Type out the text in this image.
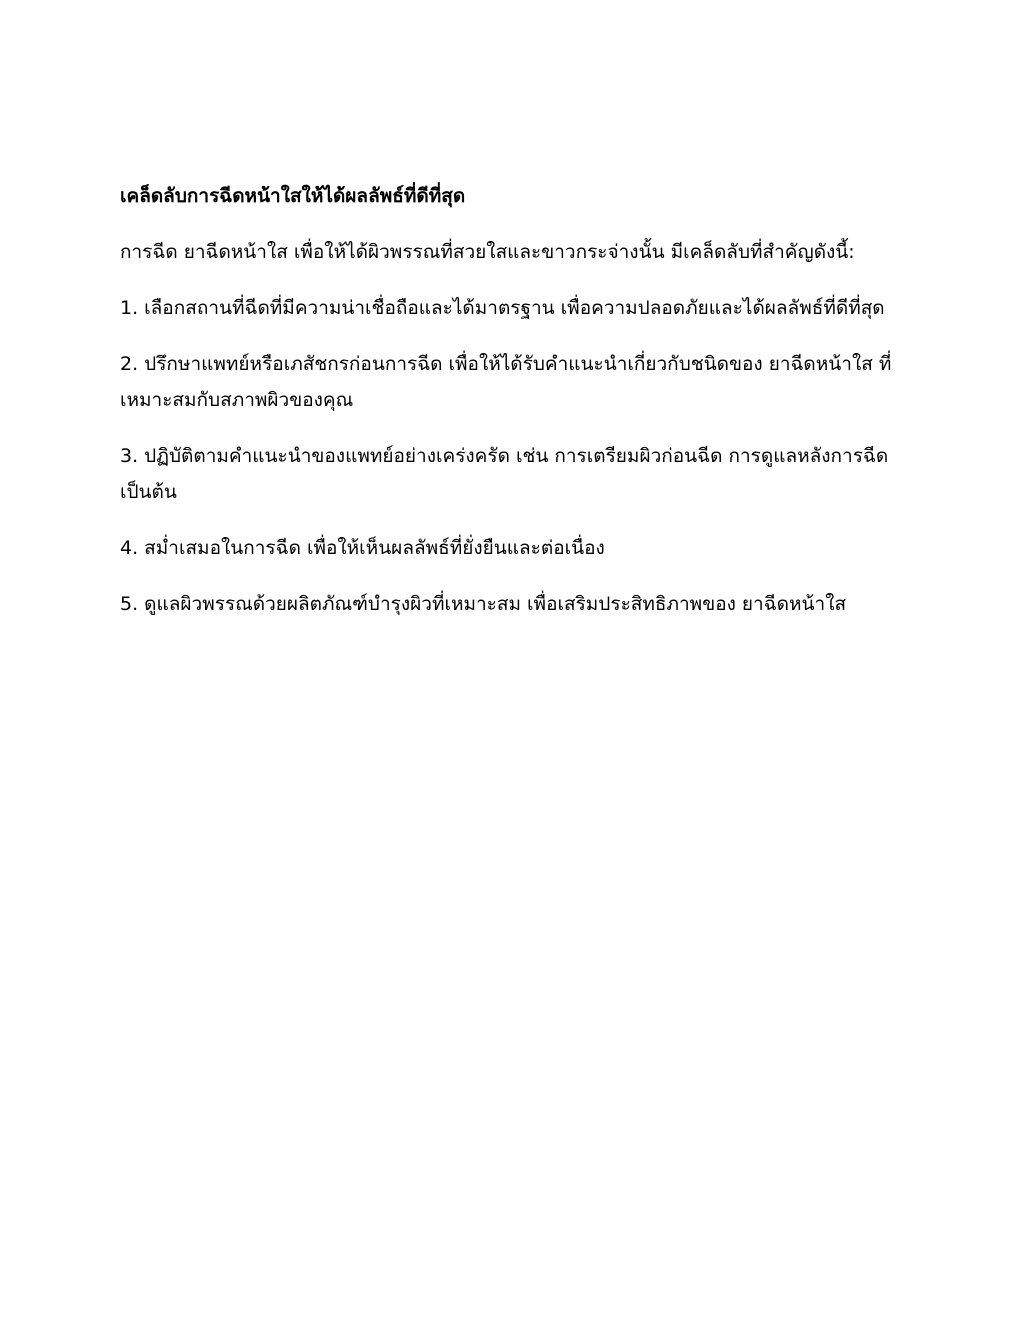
เคล็ดลับการฉีดหน้าใสให้ได้ผลลัพธ์ที่ดีที่สุด

การฉีด ยาฉีดหน้าใส เพื่อให้ได้ผิวพรรณที่สวยใสและขาวกระจ่างนั้น มีเคล็ดลับที่สำคัญดังนี้:

1. เลือกสถานที่ฉีดที่มีความน่าเชื่อถือและได้มาตรฐาน เพื่อความปลอดภัยและได้ผลลัพธ์ที่ดีที่สุด
2. ปรึกษาแพทย์หรือเภสัชกรก่อนการฉีด เพื่อให้ได้รับคำแนะนำเกี่ยวกับชนิดของ ยาฉีดหน้าใส ที่เหมาะสมกับสภาพผิวของคุณ
3. ปฏิบัติตามคำแนะนำของแพทย์อย่างเคร่งครัด เช่น การเตรียมผิวก่อนฉีด การดูแลหลังการฉีด เป็นต้น
4. สม่ำเสมอในการฉีด เพื่อให้เห็นผลลัพธ์ที่ยั่งยืนและต่อเนื่อง
5. ดูแลผิวพรรณด้วยผลิตภัณฑ์บำรุงผิวที่เหมาะสม เพื่อเสริมประสิทธิภาพของ ยาฉีดหน้าใส
